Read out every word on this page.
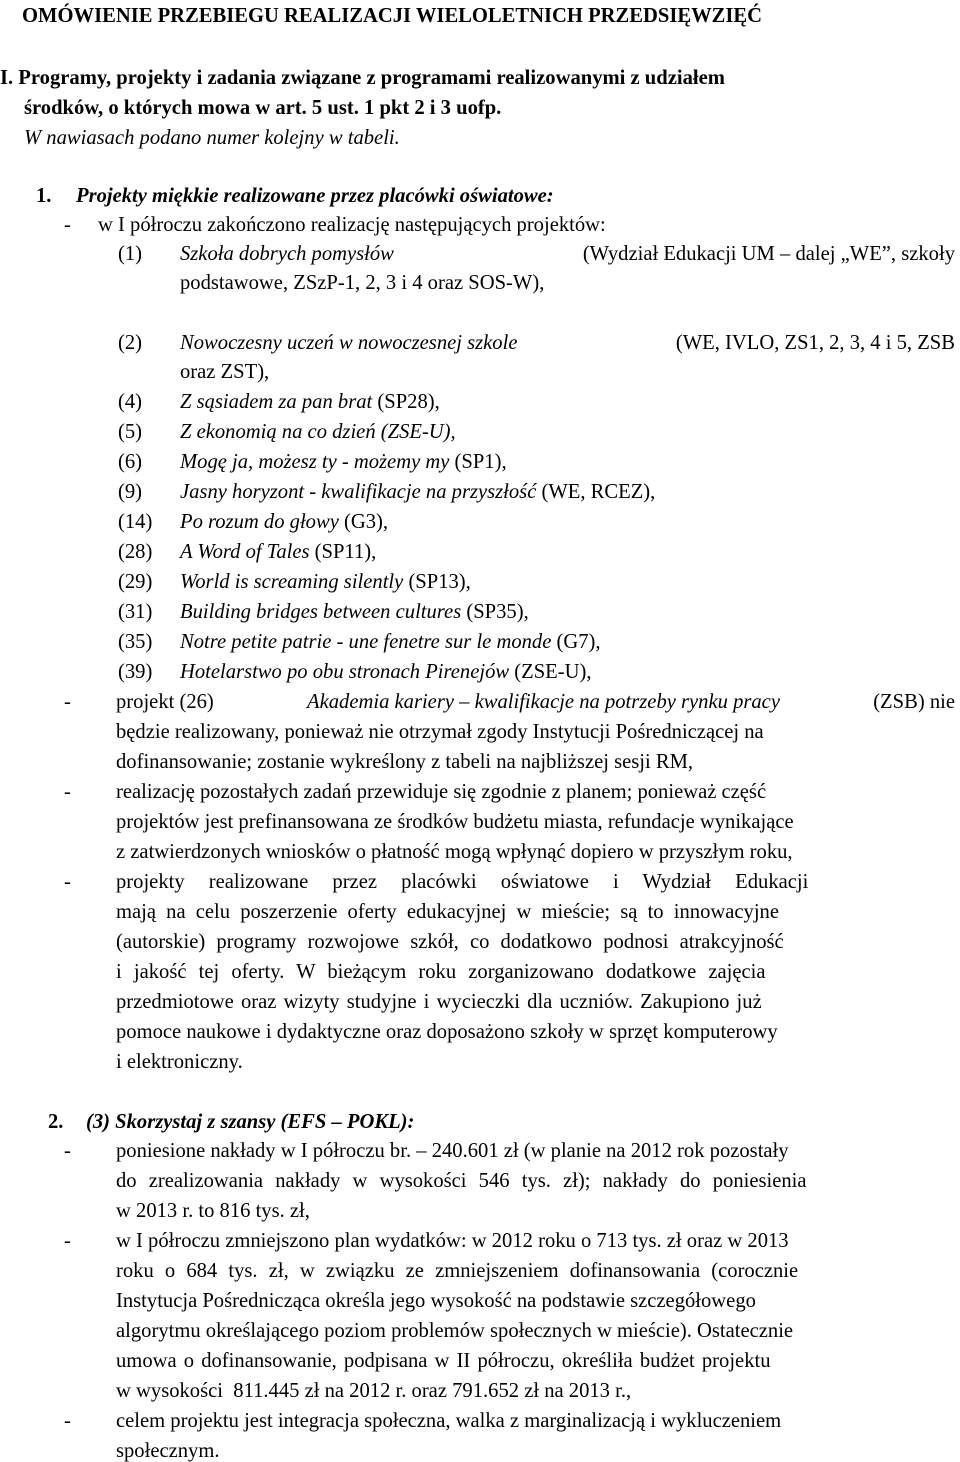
OMÓWIENIE PRZEBIEGU REALIZACJI WIELOLETNICH PRZEDSIĘWZIĘĆ
I. Programy, projekty i zadania związane z programami realizowanymi z udziałem
środków, o których mowa w art. 5 ust. 1 pkt 2 i 3 uofp.
W nawiasach podano numer kolejny w tabeli.
1. Projekty miękkie realizowane przez placówki oświatowe:
- w I półroczu zakończono realizację następujących projektów:
(1) Szkoła dobrych pomysłów	(Wydział Edukacji UM – dalej „WE”, szkoły
podstawowe, ZSzP-1, 2, 3 i 4 oraz SOS-W),
(2) Nowoczesny uczeń w nowoczesnej szkole	(WE, IVLO, ZS1, 2, 3, 4 i 5, ZSB
oraz ZST),
(4) Z sąsiadem za pan brat (SP28),
(5) Z ekonomią na co dzień (ZSE-U),
(6) Mogę ja, możesz ty - możemy my (SP1),
(9) Jasny horyzont - kwalifikacje na przyszłość (WE, RCEZ),
(14) Po rozum do głowy (G3),
(28) A Word of Tales (SP11),
(29) World is screaming silently (SP13),
(31) Building bridges between cultures (SP35),
(35) Notre petite patrie - une fenetre sur le monde (G7),
(39) Hotelarstwo po obu stronach Pirenejów (ZSE-U),
- projekt (26)	Akademia kariery – kwalifikacje na potrzeby rynku pracy	(ZSB) nie
będzie realizowany, ponieważ nie otrzymał zgody Instytucji Pośredniczącej na
dofinansowanie; zostanie wykreślony z tabeli na najbliższej sesji RM,
- realizację pozostałych zadań przewiduje się zgodnie z planem; ponieważ część
projektów jest prefinansowana ze środków budżetu miasta, refundacje wynikające
z zatwierdzonych wniosków o płatność mogą wpłynąć dopiero w przyszłym roku,
- projekty realizowane przez placówki oświatowe i Wydział Edukacji
mają na celu poszerzenie oferty edukacyjnej w mieście; są to innowacyjne
(autorskie) programy rozwojowe szkół, co dodatkowo podnosi atrakcyjność
i jakość tej oferty. W bieżącym roku zorganizowano dodatkowe zajęcia
przedmiotowe oraz wizyty studyjne i wycieczki dla uczniów. Zakupiono już
pomoce naukowe i dydaktyczne oraz doposażono szkoły w sprzęt komputerowy
i elektroniczny.
2. (3) Skorzystaj z szansy (EFS – POKL):
- poniesione nakłady w I półroczu br. – 240.601 zł (w planie na 2012 rok pozostały
do zrealizowania nakłady w wysokości 546 tys. zł); nakłady do poniesienia
w 2013 r. to 816 tys. zł,
- w I półroczu zmniejszono plan wydatków: w 2012 roku o 713 tys. zł oraz w 2013
roku o 684 tys. zł, w związku ze zmniejszeniem dofinansowania (corocznie
Instytucja Pośrednicząca określa jego wysokość na podstawie szczegółowego
algorytmu określającego poziom problemów społecznych w mieście). Ostatecznie
umowa o dofinansowanie, podpisana w II półroczu, określiła budżet projektu
w wysokości  811.445 zł na 2012 r. oraz 791.652 zł na 2013 r.,
- celem projektu jest integracja społeczna, walka z marginalizacją i wykluczeniem
społecznym.
